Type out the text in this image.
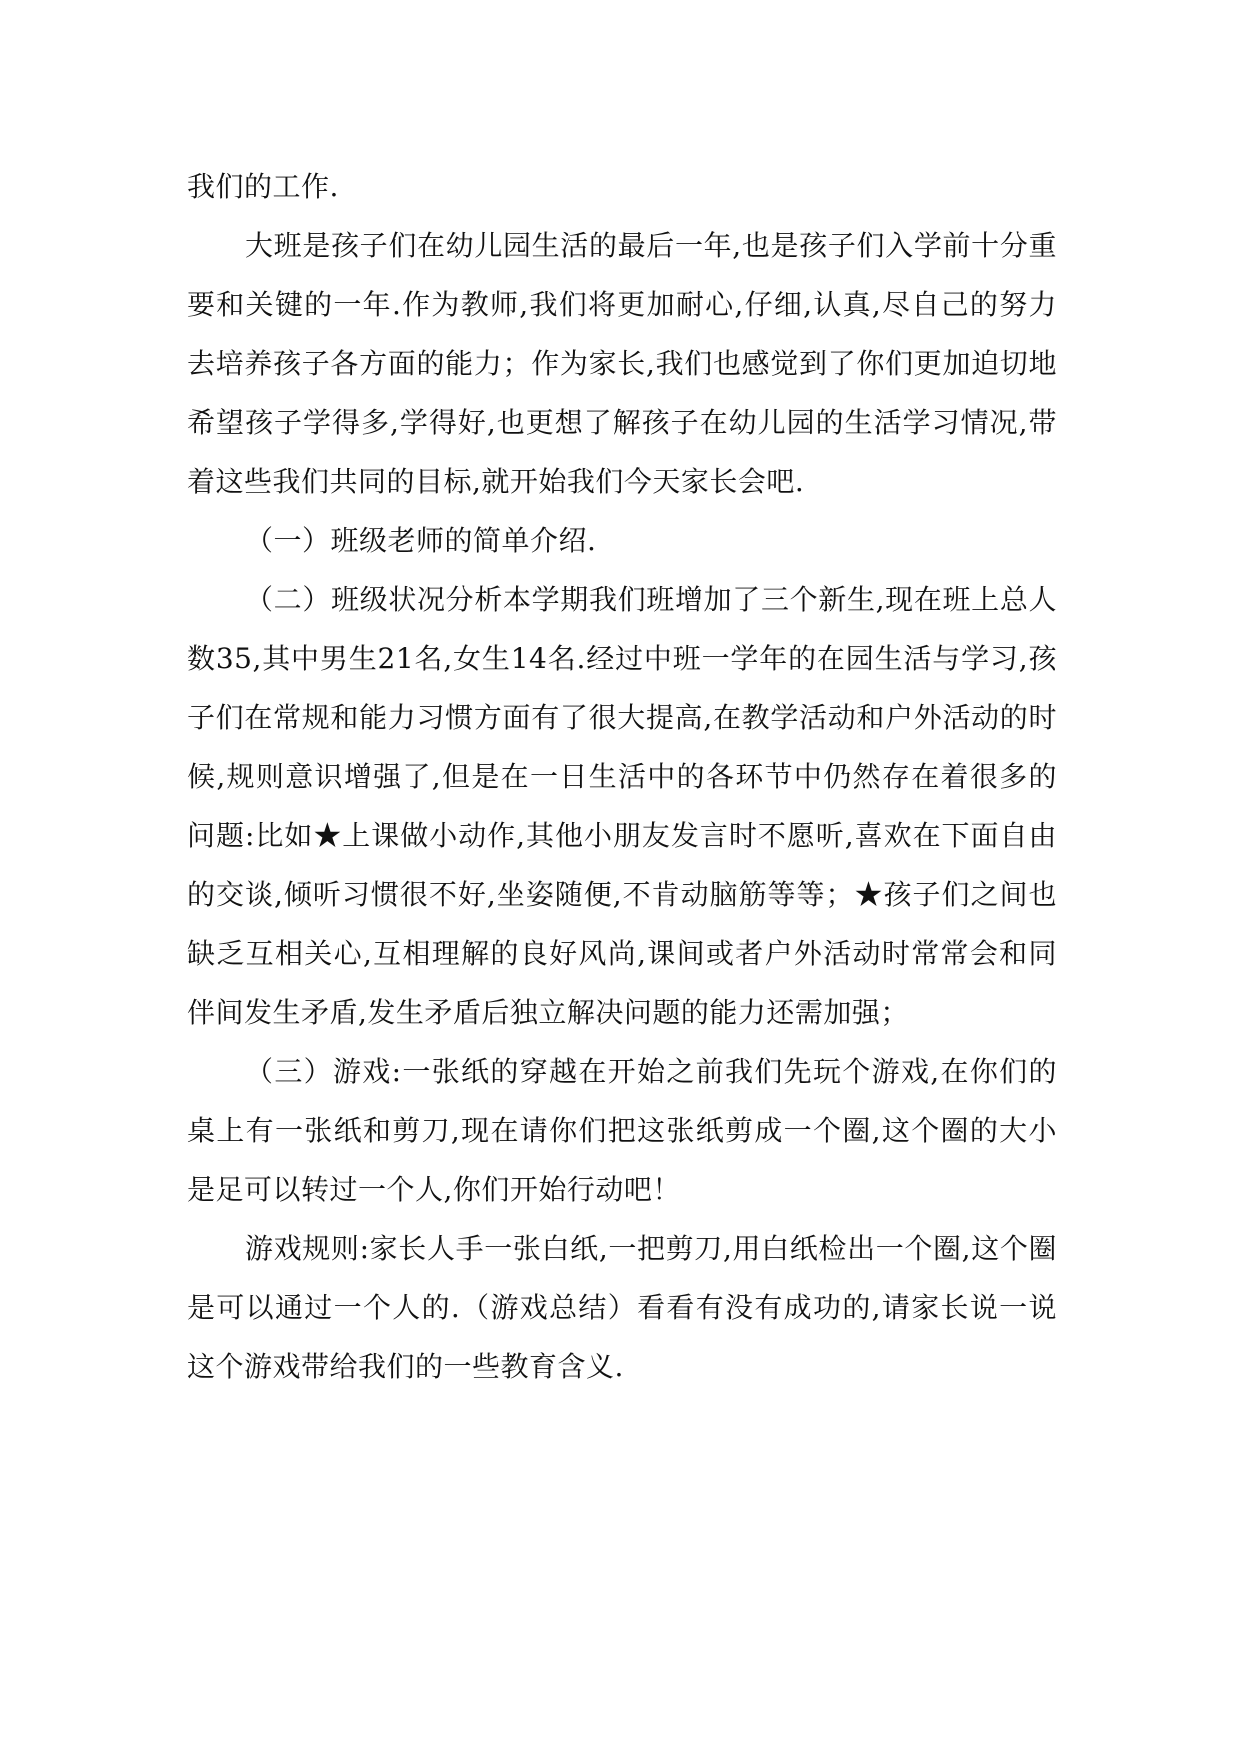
我们的工作.

大班是孩子们在幼儿园生活的最后一年,也是孩子们入学前十分重要和关键的一年.作为教师,我们将更加耐心,仔细,认真,尽自己的努力去培养孩子各方面的能力；作为家长,我们也感觉到了你们更加迫切地希望孩子学得多,学得好,也更想了解孩子在幼儿园的生活学习情况,带着这些我们共同的目标,就开始我们今天家长会吧.

（一）班级老师的简单介绍.

（二）班级状况分析本学期我们班增加了三个新生,现在班上总人数35,其中男生21名,女生14名.经过中班一学年的在园生活与学习,孩子们在常规和能力习惯方面有了很大提高,在教学活动和户外活动的时候,规则意识增强了,但是在一日生活中的各环节中仍然存在着很多的问题:比如★上课做小动作,其他小朋友发言时不愿听,喜欢在下面自由的交谈,倾听习惯很不好,坐姿随便,不肯动脑筋等等；★孩子们之间也缺乏互相关心,互相理解的良好风尚,课间或者户外活动时常常会和同伴间发生矛盾,发生矛盾后独立解决问题的能力还需加强；

（三）游戏:一张纸的穿越在开始之前我们先玩个游戏,在你们的桌上有一张纸和剪刀,现在请你们把这张纸剪成一个圈,这个圈的大小是足可以转过一个人,你们开始行动吧！

游戏规则:家长人手一张白纸,一把剪刀,用白纸检出一个圈,这个圈是可以通过一个人的.（游戏总结）看看有没有成功的,请家长说一说这个游戏带给我们的一些教育含义.
